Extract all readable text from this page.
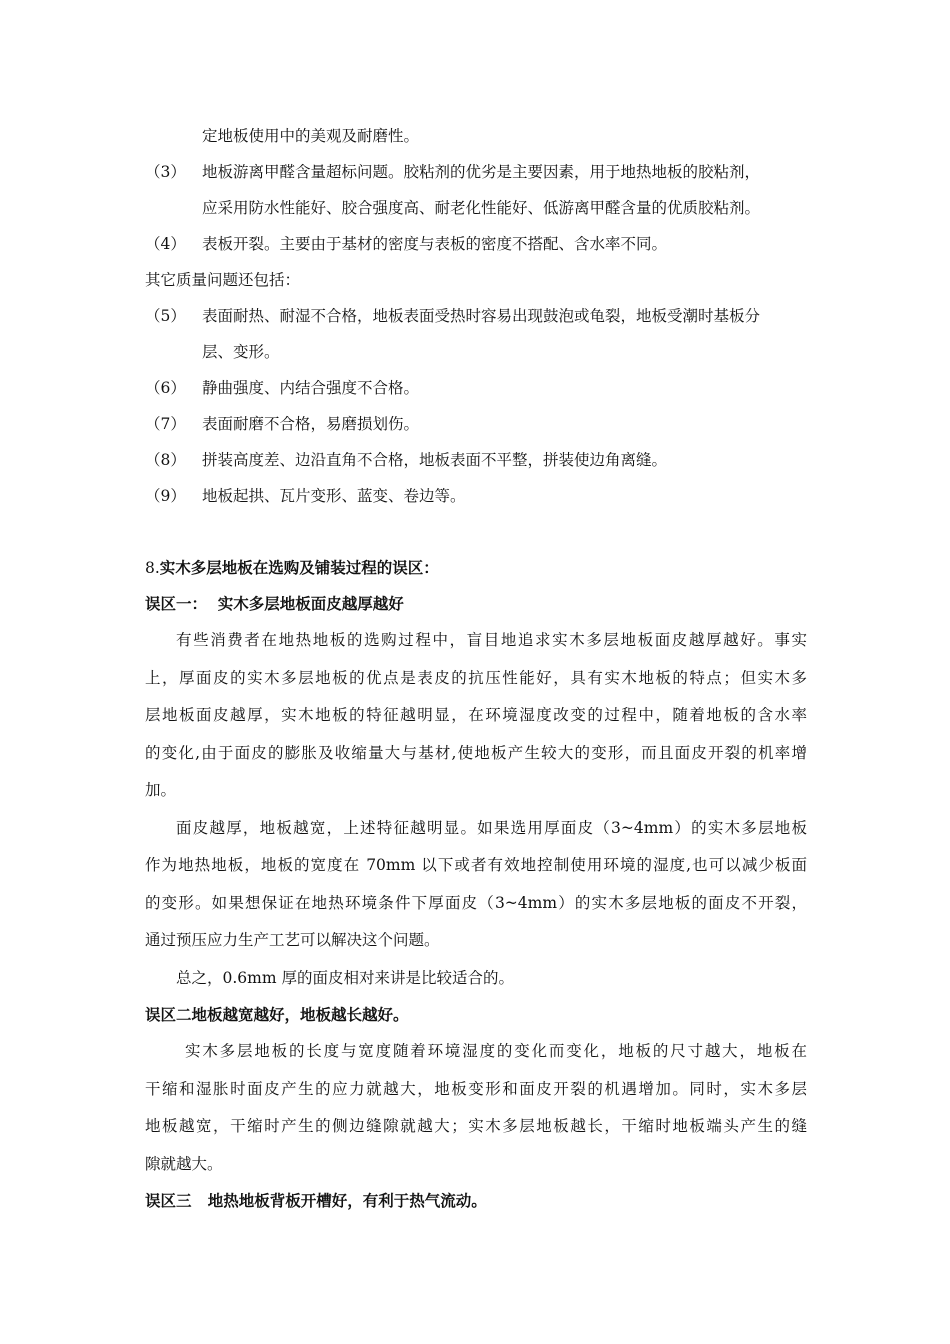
定地板使用中的美观及耐磨性。
（3） 地板游离甲醛含量超标问题。胶粘剂的优劣是主要因素，用于地热地板的胶粘剂，
应采用防水性能好、胶合强度高、耐老化性能好、低游离甲醛含量的优质胶粘剂。
（4） 表板开裂。主要由于基材的密度与表板的密度不搭配、含水率不同。
其它质量问题还包括：
（5） 表面耐热、耐湿不合格，地板表面受热时容易出现鼓泡或龟裂，地板受潮时基板分
层、变形。
（6） 静曲强度、内结合强度不合格。
（7） 表面耐磨不合格，易磨损划伤。
（8） 拼装高度差、边沿直角不合格，地板表面不平整，拼装使边角离缝。
（9） 地板起拱、瓦片变形、蓝变、卷边等。
8.实木多层地板在选购及铺装过程的误区：
误区一：  实木多层地板面皮越厚越好
有些消费者在地热地板的选购过程中，盲目地追求实木多层地板面皮越厚越好。事实
上，厚面皮的实木多层地板的优点是表皮的抗压性能好，具有实木地板的特点；但实木多
层地板面皮越厚，实木地板的特征越明显，在环境湿度改变的过程中，随着地板的含水率
的变化,由于面皮的膨胀及收缩量大与基材,使地板产生较大的变形，而且面皮开裂的机率增
加。
面皮越厚，地板越宽，上述特征越明显。如果选用厚面皮（3~4mm）的实木多层地板
作为地热地板，地板的宽度在 70mm 以下或者有效地控制使用环境的湿度,也可以减少板面
的变形。如果想保证在地热环境条件下厚面皮（3~4mm）的实木多层地板的面皮不开裂，
通过预压应力生产工艺可以解决这个问题。
总之，0.6mm 厚的面皮相对来讲是比较适合的。
误区二地板越宽越好，地板越长越好。
实木多层地板的长度与宽度随着环境湿度的变化而变化，地板的尺寸越大，地板在
干缩和湿胀时面皮产生的应力就越大，地板变形和面皮开裂的机遇增加。同时，实木多层
地板越宽，干缩时产生的侧边缝隙就越大；实木多层地板越长，干缩时地板端头产生的缝
隙就越大。
误区三   地热地板背板开槽好，有利于热气流动。
